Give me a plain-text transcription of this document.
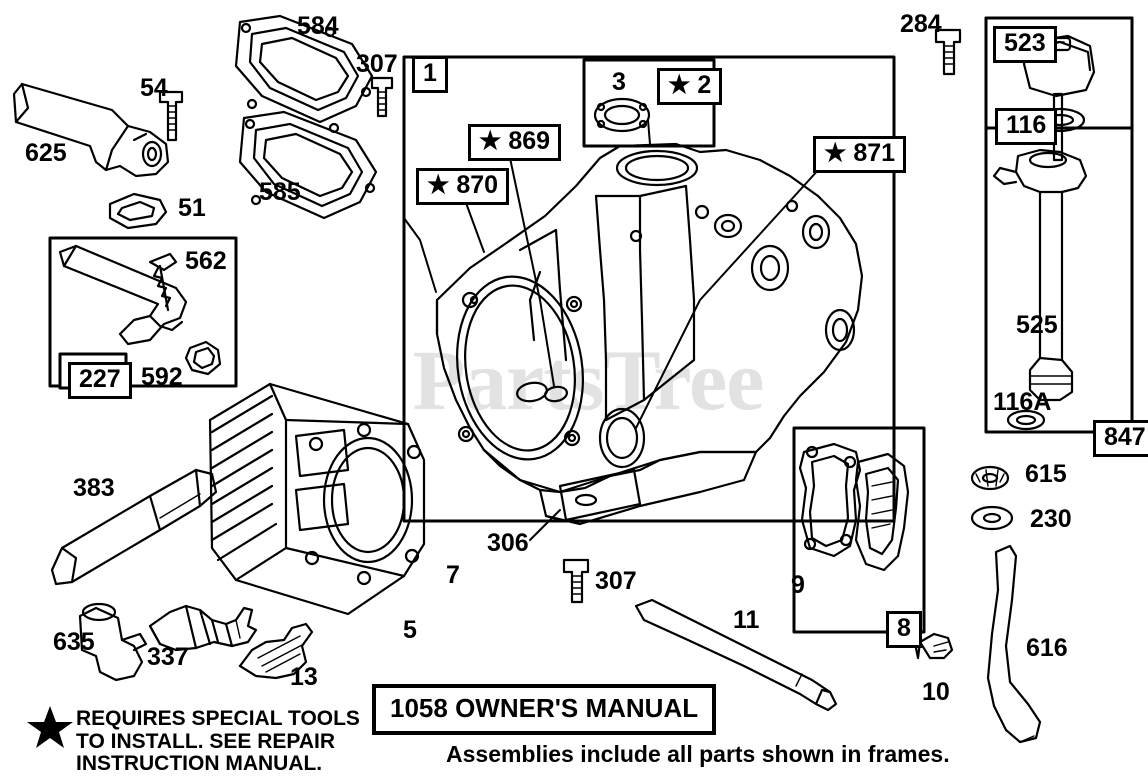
PartsTree
584
307	1	3	★ 2
284
523
54
116
★ 869
625	★ 871
★ 870
585
51
562
525
227 592
116A
847
615
383
230
306
7	307	9
11
5
635	616
8
337
13
10
1058 OWNER'S MANUAL
REQUIRES SPECIAL TOOLS
TO INSTALL. SEE REPAIR
INSTRUCTION MANUAL.	Assemblies include all parts shown in frames.
